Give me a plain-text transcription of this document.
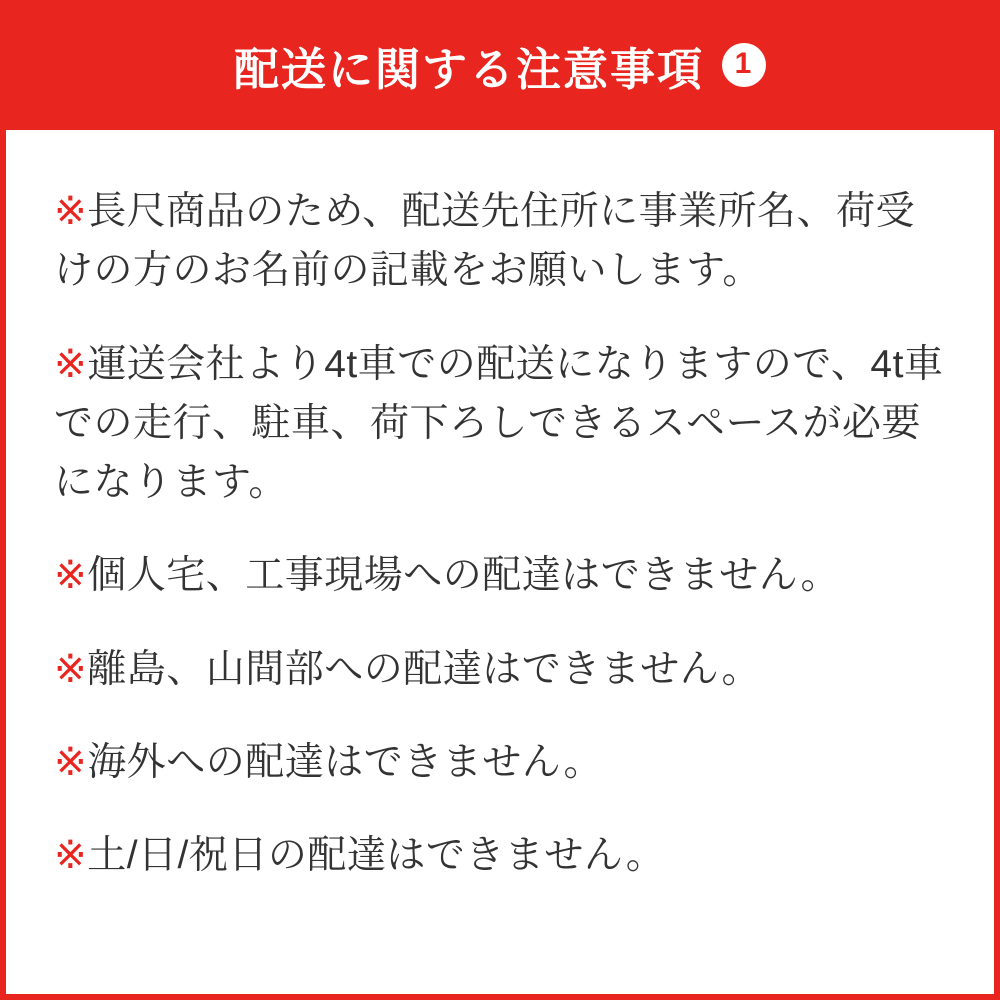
配送に関する注意事項	1

※長尺商品のため、配送先住所に事業所名、荷受けの方のお名前の記載をお願いします。

※運送会社より4t車での配送になりますので、4t車での走行、駐車、荷下ろしできるスペースが必要になります。

※個人宅、工事現場への配達はできません。

※離島、山間部への配達はできません。

※海外への配達はできません。

※土/日/祝日の配達はできません。
